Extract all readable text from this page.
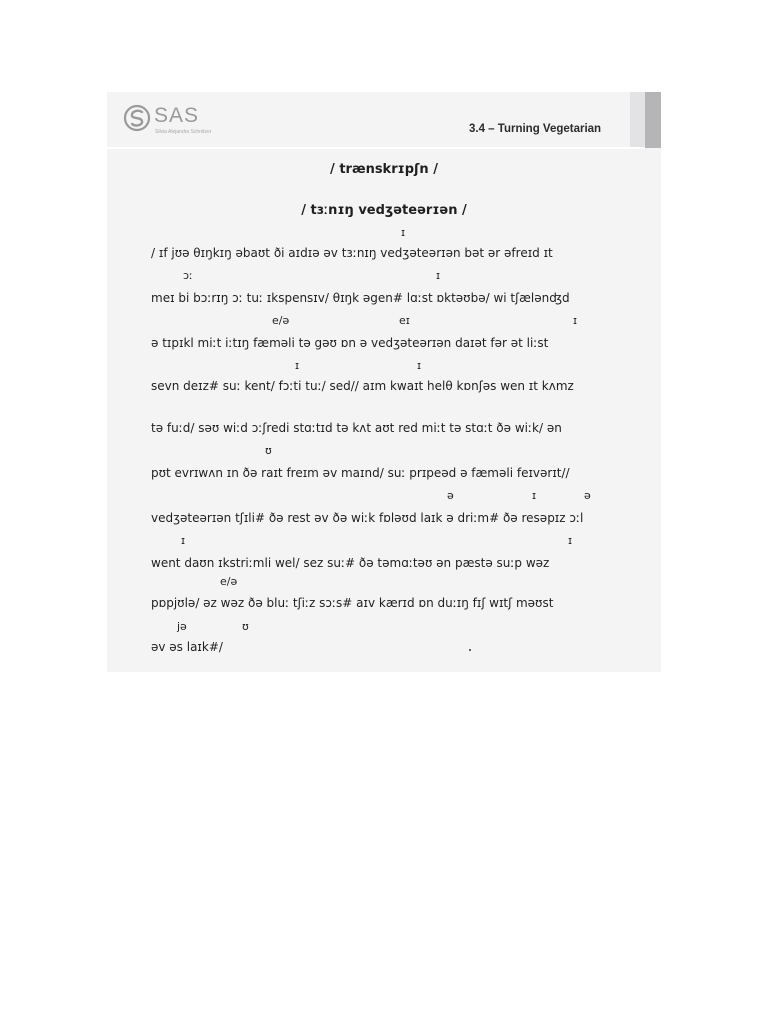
SAS
Silvia Alejandra Schnitzer	3.4 – Turning Vegetarian
/ trænskrɪpʃn /
/ tɜːnɪŋ vedʒəteərɪən /
ɪ
/ ɪf jʊə θɪŋkɪŋ əbaʊt ði aɪdɪə əv tɜːnɪŋ vedʒəteərɪən bət ər əfreɪd ɪt
ɔː	ɪ
meɪ bi bɔːrɪŋ ɔː tuː ɪkspensɪv/ θɪŋk əgen# lɑːst ɒktəʊbə/ wi tʃælənʤd
e/ə	eɪ	ɪ
ə tɪpɪkl miːt iːtɪŋ fæməli tə gəʊ ɒn ə vedʒəteərɪən daɪət fər ət liːst
ɪ	ɪ
sevn deɪz# suː kent/ fɔːti tuː/ sed// aɪm kwaɪt helθ kɒnʃəs wen ɪt kʌmz
tə fuːd/ səʊ wiːd ɔːʃredi stɑːtɪd tə kʌt aʊt red miːt tə stɑːt ðə wiːk/ ən
ʊ
pʊt evrɪwʌn ɪn ðə raɪt freɪm əv maɪnd/ suː prɪpeəd ə fæməli feɪvərɪt//
ə	ɪ	ə
vedʒəteərɪən tʃɪli# ðə rest əv ðə wiːk fɒləʊd laɪk ə driːm# ðə resəpɪz ɔːl
ɪ	ɪ
went daʊn ɪkstriːmli wel/ sez suː# ðə təmɑːtəʊ ən pæstə suːp wəz
e/ə
pɒpjʊlə/ əz wəz ðə bluː tʃiːz sɔːs# aɪv kærɪd ɒn duːɪŋ fɪʃ wɪtʃ məʊst
jə	ʊ
əv əs laɪk#/
